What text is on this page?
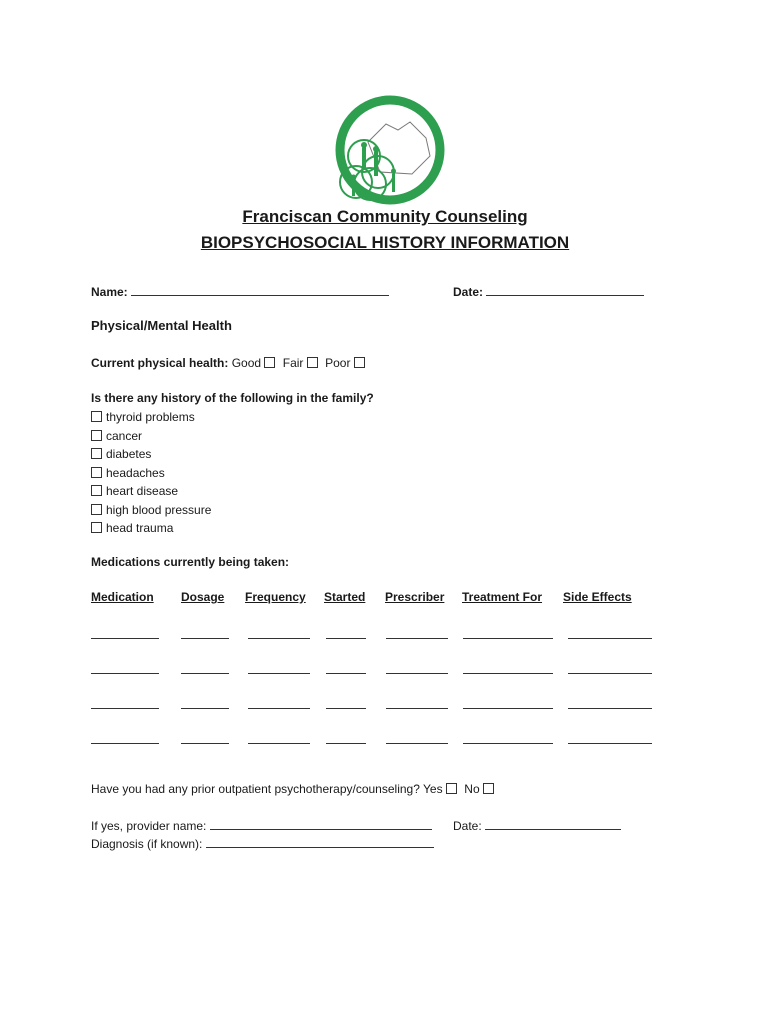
Franciscan Community Counseling
BIOPSYCHOSOCIAL HISTORY INFORMATION
Name:	Date:
Physical/Mental Health
Current physical health: Good Fair Poor
Is there any history of the following in the family?
thyroid problems
cancer
diabetes
headaches
heart disease
high blood pressure
head trauma
Medications currently being taken:
Medication Dosage Frequency Started Prescriber Treatment For Side Effects
Have you had any prior outpatient psychotherapy/counseling? Yes No
If yes, provider name:	Date:
Diagnosis (if known):
